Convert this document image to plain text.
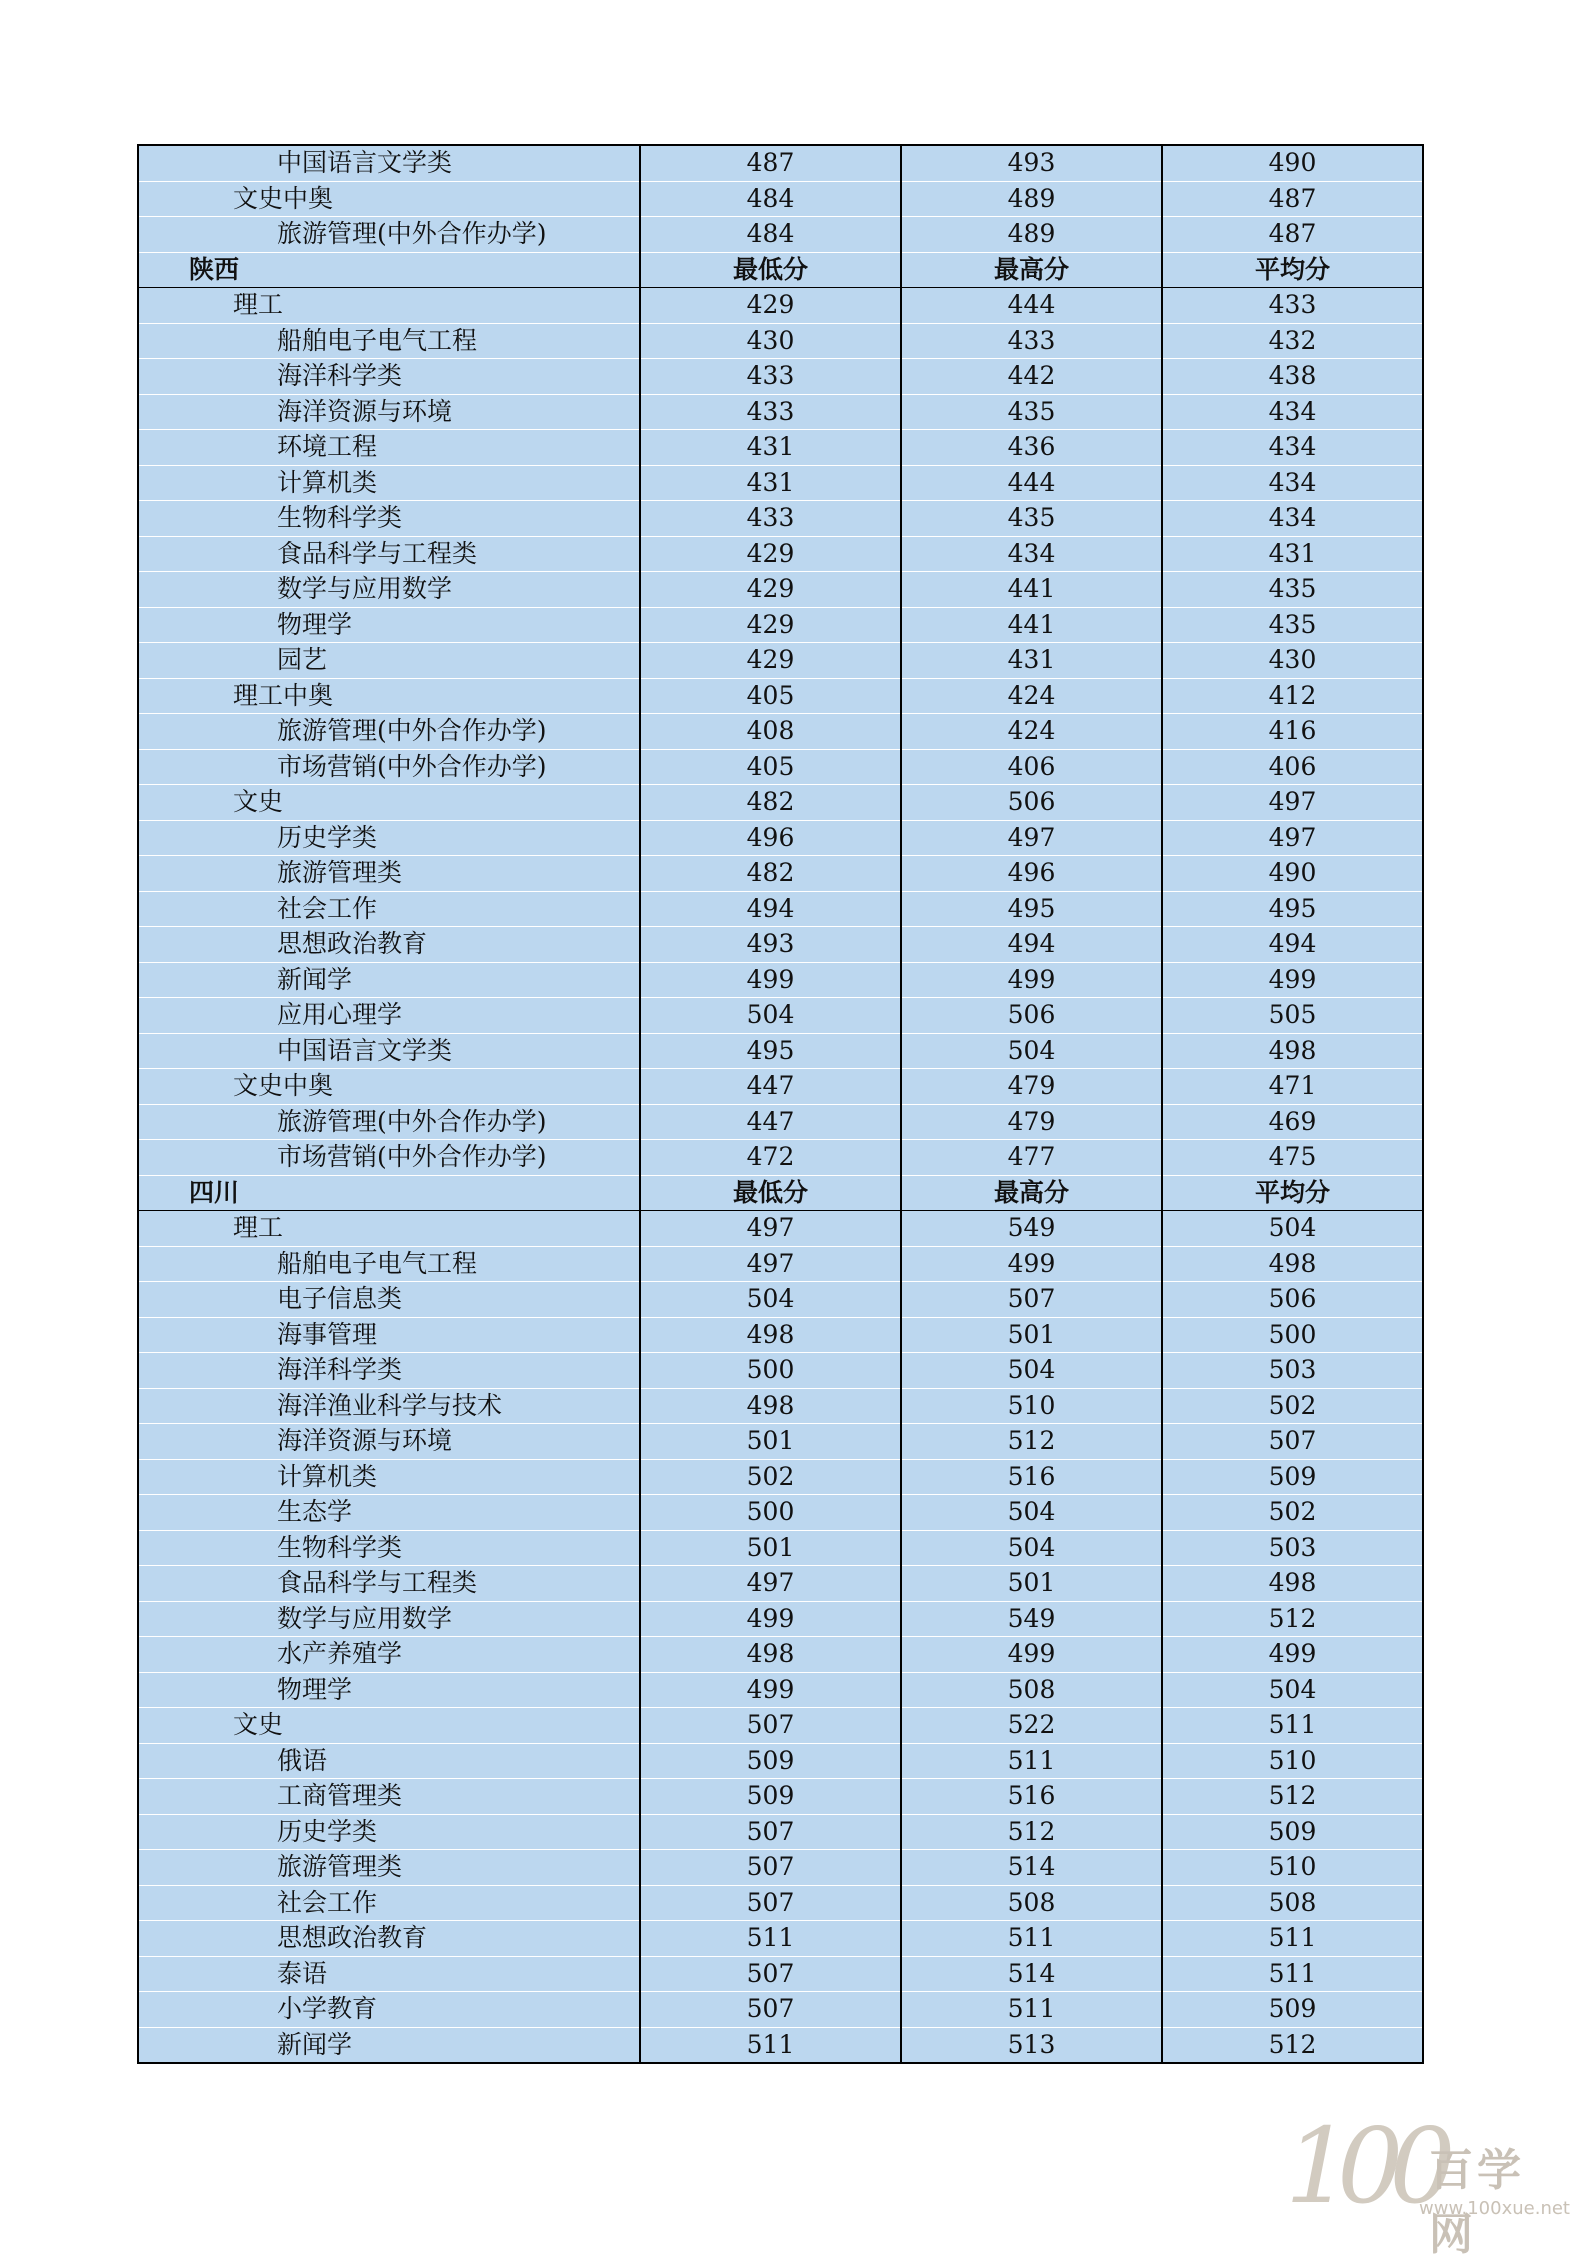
中国语言文学类	487	493	490
文史中奥	484	489	487
旅游管理(中外合作办学)	484	489	487
陕西	最低分	最高分	平均分
理工	429	444	433
船舶电子电气工程	430	433	432
海洋科学类	433	442	438
海洋资源与环境	433	435	434
环境工程	431	436	434
计算机类	431	444	434
生物科学类	433	435	434
食品科学与工程类	429	434	431
数学与应用数学	429	441	435
物理学	429	441	435
园艺	429	431	430
理工中奥	405	424	412
旅游管理(中外合作办学)	408	424	416
市场营销(中外合作办学)	405	406	406
文史	482	506	497
历史学类	496	497	497
旅游管理类	482	496	490
社会工作	494	495	495
思想政治教育	493	494	494
新闻学	499	499	499
应用心理学	504	506	505
中国语言文学类	495	504	498
文史中奥	447	479	471
旅游管理(中外合作办学)	447	479	469
市场营销(中外合作办学)	472	477	475
四川	最低分	最高分	平均分
理工	497	549	504
船舶电子电气工程	497	499	498
电子信息类	504	507	506
海事管理	498	501	500
海洋科学类	500	504	503
海洋渔业科学与技术	498	510	502
海洋资源与环境	501	512	507
计算机类	502	516	509
生态学	500	504	502
生物科学类	501	504	503
食品科学与工程类	497	501	498
数学与应用数学	499	549	512
水产养殖学	498	499	499
物理学	499	508	504
文史	507	522	511
俄语	509	511	510
工商管理类	509	516	512
历史学类	507	512	509
旅游管理类	507	514	510
社会工作	507	508	508
思想政治教育	511	511	511
泰语	507	514	511
小学教育	507	511	509
新闻学	511	513	512
100
百学网
www.100xue.net
